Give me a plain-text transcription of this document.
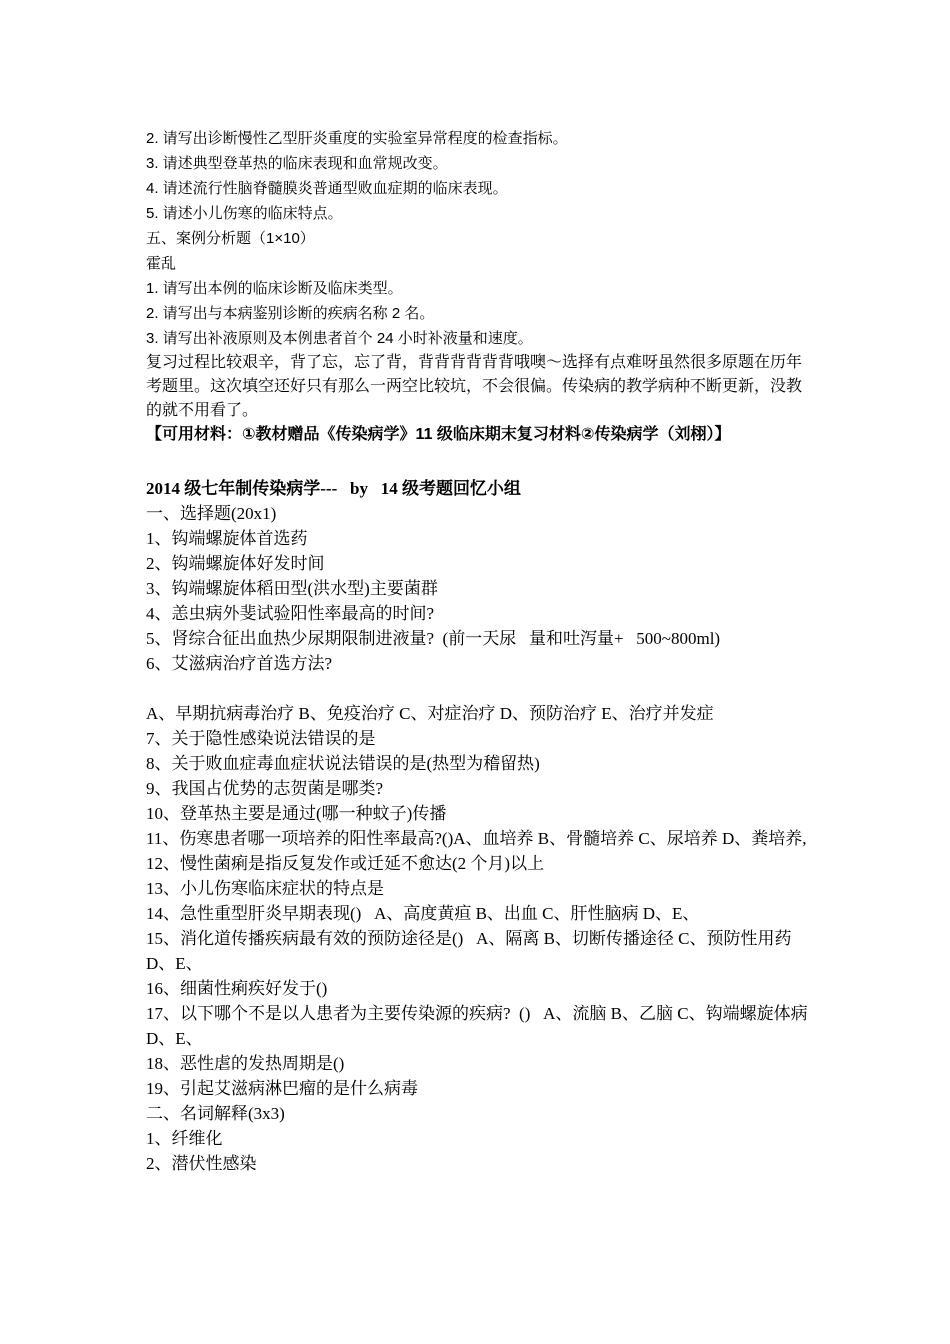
2. 请写出诊断慢性乙型肝炎重度的实验室异常程度的检查指标。

3. 请述典型登革热的临床表现和血常规改变。

4. 请述流行性脑脊髓膜炎普通型败血症期的临床表现。

5. 请述小儿伤寒的临床特点。

五、案例分析题（1×10）

霍乱

1. 请写出本例的临床诊断及临床类型。

2. 请写出与本病鉴别诊断的疾病名称 2 名。

3. 请写出补液原则及本例患者首个 24 小时补液量和速度。

复习过程比较艰辛，背了忘，忘了背，背背背背背背哦噢～选择有点难呀虽然很多原题在历年考题里。这次填空还好只有那么一两空比较坑，不会很偏。传染病的教学病种不断更新，没教的就不用看了。

【可用材料：①教材赠品《传染病学》11 级临床期末复习材料②传染病学（刘栩）】

2014 级七年制传染病学---   by   14 级考题回忆小组

一、选择题(20x1)

1、钩端螺旋体首选药

2、钩端螺旋体好发时间

3、钩端螺旋体稻田型(洪水型)主要菌群

4、恙虫病外斐试验阳性率最高的时间?

5、肾综合征出血热少尿期限制进液量?  (前一天尿   量和吐泻量+   500~800ml)

6、艾滋病治疗首选方法?

A、早期抗病毒治疗 B、免疫治疗 C、对症治疗 D、预防治疗 E、治疗并发症

7、关于隐性感染说法错误的是

8、关于败血症毒血症状说法错误的是(热型为稽留热)

9、我国占优势的志贺菌是哪类?

10、登革热主要是通过(哪一种蚊子)传播

11、伤寒患者哪一项培养的阳性率最高?()A、血培养 B、骨髓培养 C、尿培养 D、粪培养,

12、慢性菌痢是指反复发作或迁延不愈达(2 个月)以上

13、小儿伤寒临床症状的特点是

14、急性重型肝炎早期表现()   A、高度黄疸 B、出血 C、肝性脑病 D、E、

15、消化道传播疾病最有效的预防途径是()   A、隔离 B、切断传播途径 C、预防性用药 D、E、

16、细菌性痢疾好发于()

17、以下哪个不是以人患者为主要传染源的疾病?  ()   A、流脑 B、乙脑 C、钩端螺旋体病 D、E、

18、恶性虐的发热周期是()

19、引起艾滋病淋巴瘤的是什么病毒

二、名词解释(3x3)

1、纤维化

2、潜伏性感染
